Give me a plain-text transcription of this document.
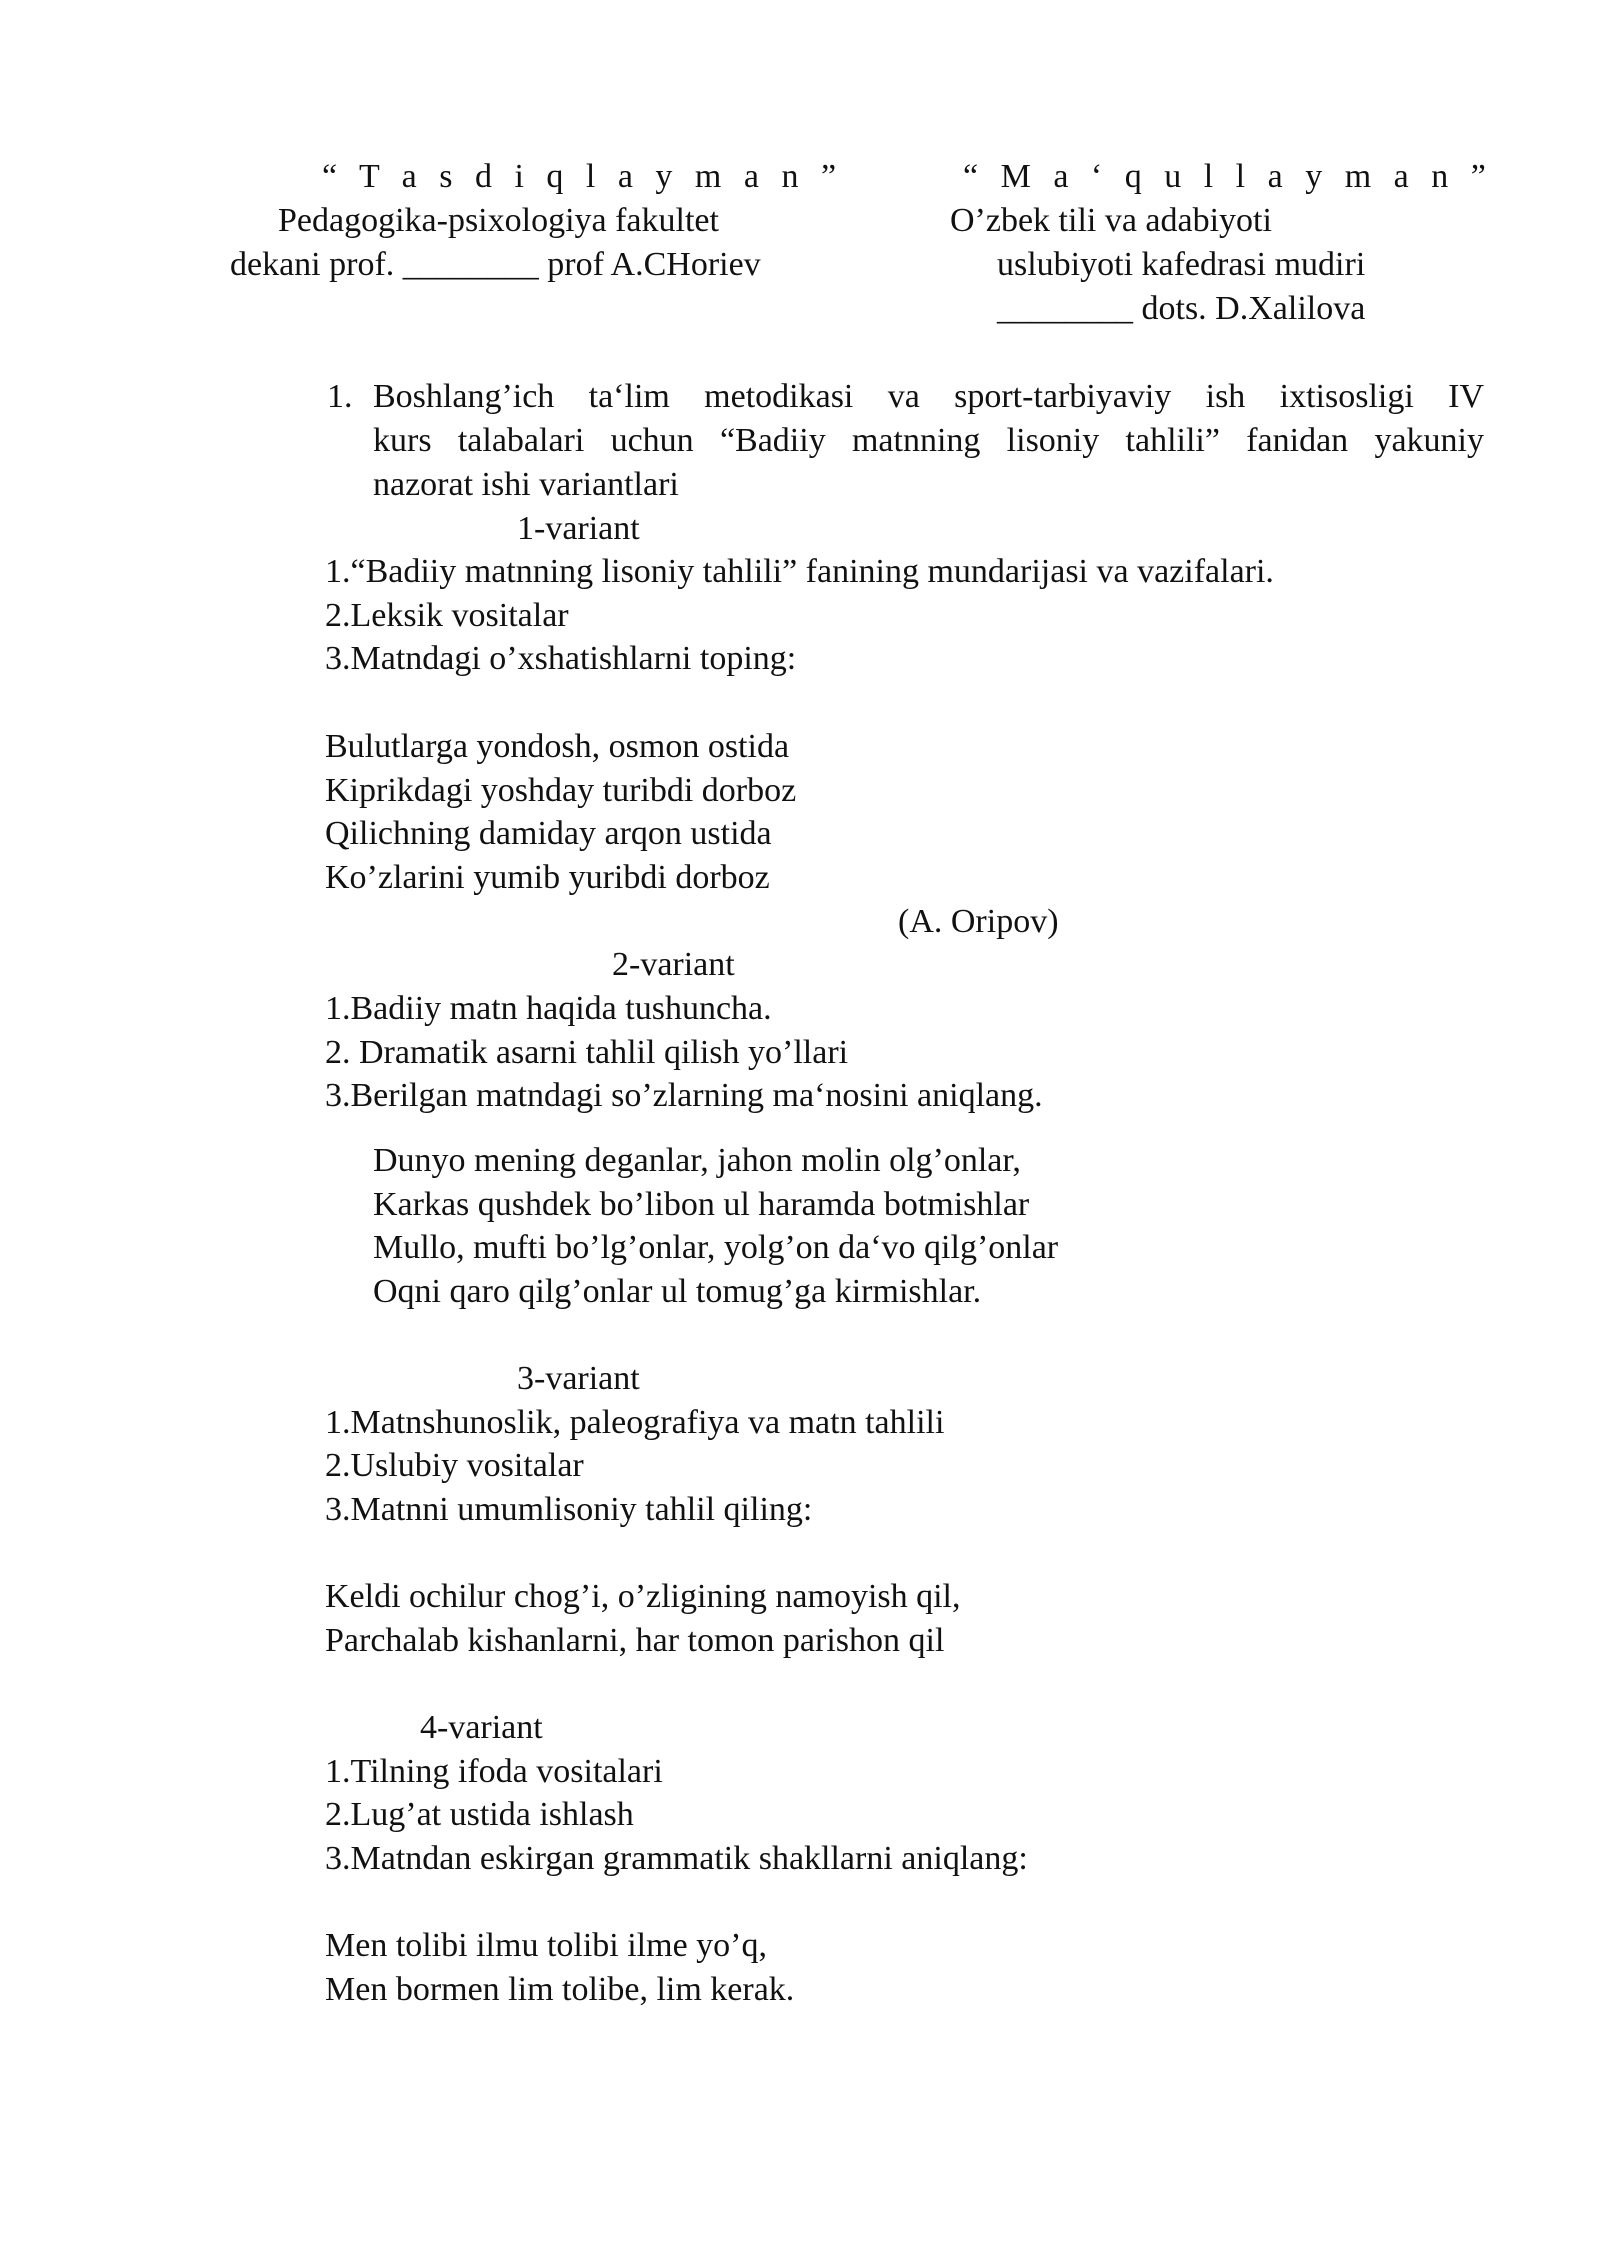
“ T a s d i q l a y m a n ”
Pedagogika-psixologiya fakultet
dekani prof. ________ prof A.CHoriev
“ M a ‘ q u l l a y m a n ”
O’zbek tili va adabiyoti
uslubiyoti kafedrasi mudiri
________ dots. D.Xalilova
1. Boshlang’ich ta‘lim metodikasi va sport-tarbiyaviy ish ixtisosligi IV
kurs talabalari uchun “Badiiy matnning lisoniy tahlili” fanidan yakuniy
nazorat ishi variantlari
1-variant
1.“Badiiy matnning lisoniy tahlili” fanining mundarijasi va vazifalari.
2.Leksik vositalar
3.Matndagi o’xshatishlarni toping:
Bulutlarga yondosh, osmon ostida
Kiprikdagi yoshday turibdi dorboz
Qilichning damiday arqon ustida
Ko’zlarini yumib yuribdi dorboz
(A. Oripov)
2-variant
1.Badiiy matn haqida tushuncha.
2. Dramatik asarni tahlil qilish yo’llari
3.Berilgan matndagi so’zlarning ma‘nosini aniqlang.
Dunyo mening deganlar, jahon molin olg’onlar,
Karkas qushdek bo’libon ul haramda botmishlar
Mullo, mufti bo’lg’onlar, yolg’on da‘vo qilg’onlar
Oqni qaro qilg’onlar ul tomug’ga kirmishlar.
3-variant
1.Matnshunoslik, paleografiya va matn tahlili
2.Uslubiy vositalar
3.Matnni umumlisoniy tahlil qiling:
Keldi ochilur chog’i, o’zligining namoyish qil,
Parchalab kishanlarni, har tomon parishon qil
4-variant
1.Tilning ifoda vositalari
2.Lug’at ustida ishlash
3.Matndan eskirgan grammatik shakllarni aniqlang:
Men tolibi ilmu tolibi ilme yo’q,
Men bormen lim tolibe, lim kerak.
